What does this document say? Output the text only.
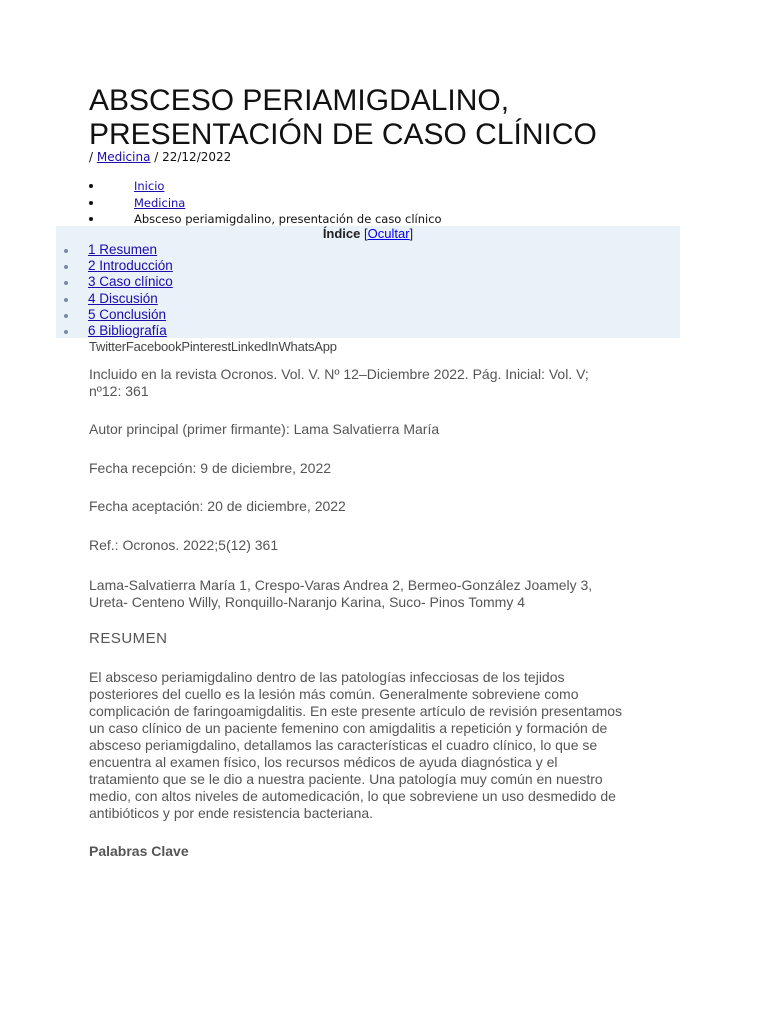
ABSCESO PERIAMIGDALINO,
PRESENTACIÓN DE CASO CLÍNICO
/ Medicina / 22/12/2022
Inicio
Medicina
Absceso periamigdalino, presentación de caso clínico
Índice [Ocultar]
1 Resumen
2 Introducción
3 Caso clínico
4 Discusión
5 Conclusión
6 Bibliografía
TwitterFacebookPinterestLinkedInWhatsApp

Incluido en la revista Ocronos. Vol. V. Nº 12–Diciembre 2022. Pág. Inicial: Vol. V;
nº12: 361

Autor principal (primer firmante): Lama Salvatierra María

Fecha recepción: 9 de diciembre, 2022

Fecha aceptación: 20 de diciembre, 2022

Ref.: Ocronos. 2022;5(12) 361

Lama-Salvatierra María 1, Crespo-Varas Andrea 2, Bermeo-González Joamely 3,
Ureta- Centeno Willy, Ronquillo-Naranjo Karina, Suco- Pinos Tommy 4

RESUMEN

El absceso periamigdalino dentro de las patologías infecciosas de los tejidos
posteriores del cuello es la lesión más común. Generalmente sobreviene como
complicación de faringoamigdalitis. En este presente artículo de revisión presentamos
un caso clínico de un paciente femenino con amigdalitis a repetición y formación de
absceso periamigdalino, detallamos las características el cuadro clínico, lo que se
encuentra al examen físico, los recursos médicos de ayuda diagnóstica y el
tratamiento que se le dio a nuestra paciente. Una patología muy común en nuestro
medio, con altos niveles de automedicación, lo que sobreviene un uso desmedido de
antibióticos y por ende resistencia bacteriana.

Palabras Clave
